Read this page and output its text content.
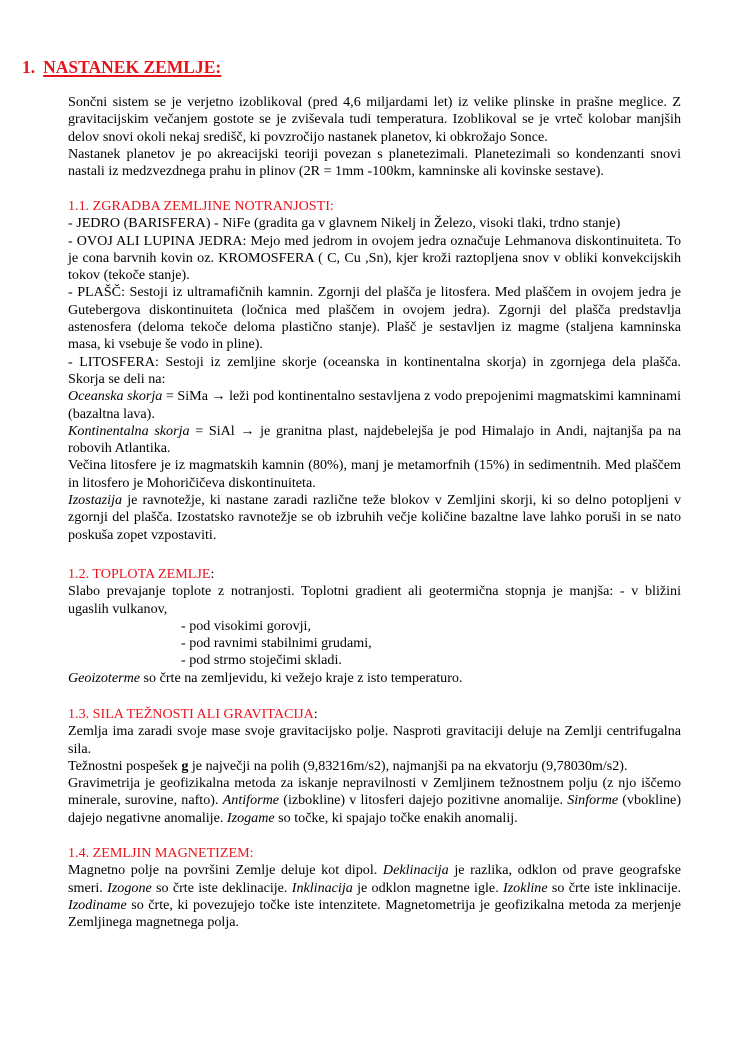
1. NASTANEK ZEMLJE:

Sončni sistem se je verjetno izoblikoval (pred 4,6 miljardami let) iz velike plinske in prašne meglice. Z gravitacijskim večanjem gostote se je zviševala tudi temperatura. Izoblikoval se je vrteč kolobar manjših delov snovi okoli nekaj središč, ki povzročijo nastanek planetov, ki obkrožajo Sonce.

Nastanek planetov je po akreacijski teoriji povezan s planetezimali. Planetezimali so kondenzanti snovi nastali iz medzvezdnega prahu in plinov (2R = 1mm -100km, kamninske ali kovinske sestave).

1.1. ZGRADBA ZEMLJINE NOTRANJOSTI:

- JEDRO (BARISFERA) - NiFe (gradita ga v glavnem Nikelj in Železo, visoki tlaki, trdno stanje)

- OVOJ ALI LUPINA JEDRA: Mejo med jedrom in ovojem jedra označuje Lehmanova diskontinuiteta. To je cona barvnih kovin oz. KROMOSFERA ( C, Cu ,Sn), kjer kroži raztopljena snov v obliki konvekcijskih tokov (tekoče stanje).

- PLAŠČ: Sestoji iz ultramafičnih kamnin. Zgornji del plašča je litosfera. Med plaščem in ovojem jedra je Gutebergova diskontinuiteta (ločnica med plaščem in ovojem jedra). Zgornji del plašča predstavlja astenosfera (deloma tekoče deloma plastično stanje). Plašč je sestavljen iz magme (staljena kamninska masa, ki vsebuje še vodo in pline).

- LITOSFERA: Sestoji iz zemljine skorje (oceanska in kontinentalna skorja) in zgornjega dela plašča. Skorja se deli na:

Oceanska skorja = SiMa → leži pod kontinentalno sestavljena z vodo prepojenimi magmatskimi kamninami (bazaltna lava).

Kontinentalna skorja = SiAl → je granitna plast, najdebelejša je pod Himalajo in Andi, najtanjša pa na robovih Atlantika.

Večina litosfere je iz magmatskih kamnin (80%), manj je metamorfnih (15%) in sedimentnih. Med plaščem in litosfero je Mohoričičeva diskontinuiteta.

Izostazija je ravnotežje, ki nastane zaradi različne teže blokov v Zemljini skorji, ki so delno potopljeni v zgornji del plašča. Izostatsko ravnotežje se ob izbruhih večje količine bazaltne lave lahko poruši in se nato poskuša zopet vzpostaviti.

1.2. TOPLOTA ZEMLJE:

Slabo prevajanje toplote z notranjosti. Toplotni gradient ali geotermična stopnja je manjša: - v bližini ugaslih vulkanov,

- pod visokimi gorovji,

- pod ravnimi stabilnimi grudami,

- pod strmo stoječimi skladi.

Geoizoterme so črte na zemljevidu, ki vežejo kraje z isto temperaturo.

1.3. SILA TEŽNOSTI ALI GRAVITACIJA:

Zemlja ima zaradi svoje mase svoje gravitacijsko polje. Nasproti gravitaciji deluje na Zemlji centrifugalna sila.

Težnostni pospešek g je največji na polih (9,83216m/s2), najmanjši pa na ekvatorju (9,78030m/s2).

Gravimetrija je geofizikalna metoda za iskanje nepravilnosti v Zemljinem težnostnem polju (z njo iščemo minerale, surovine, nafto). Antiforme (izbokline) v litosferi dajejo pozitivne anomalije. Sinforme (vbokline) dajejo negativne anomalije. Izogame so točke, ki spajajo točke enakih anomalij.

1.4. ZEMLJIN MAGNETIZEM:

Magnetno polje na površini Zemlje deluje kot dipol. Deklinacija je razlika, odklon od prave geografske smeri. Izogone so črte iste deklinacije. Inklinacija je odklon magnetne igle. Izokline so črte iste inklinacije. Izodiname so črte, ki povezujejo točke iste intenzitete. Magnetometrija je geofizikalna metoda za merjenje Zemljinega magnetnega polja.
